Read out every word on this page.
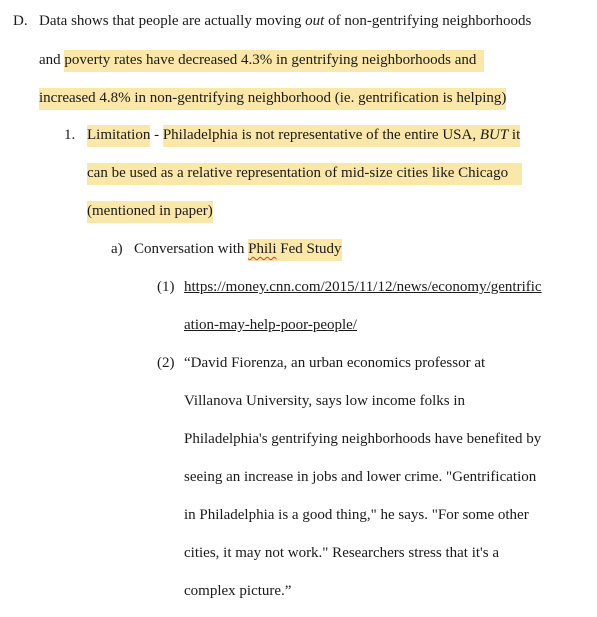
D. Data shows that people are actually moving out of non-gentrifying neighborhoods
and poverty rates have decreased 4.3% in gentrifying neighborhoods and
increased 4.8% in non-gentrifying neighborhood (ie. gentrification is helping)
1. Limitation - Philadelphia is not representative of the entire USA, BUT it
can be used as a relative representation of mid-size cities like Chicago
(mentioned in paper)
a) Conversation with Phili Fed Study
(1) https://money.cnn.com/2015/11/12/news/economy/gentrific
ation-may-help-poor-people/
(2) “David Fiorenza, an urban economics professor at
Villanova University, says low income folks in
Philadelphia's gentrifying neighborhoods have benefited by
seeing an increase in jobs and lower crime. "Gentrification
in Philadelphia is a good thing," he says. "For some other
cities, it may not work." Researchers stress that it's a
complex picture.”
